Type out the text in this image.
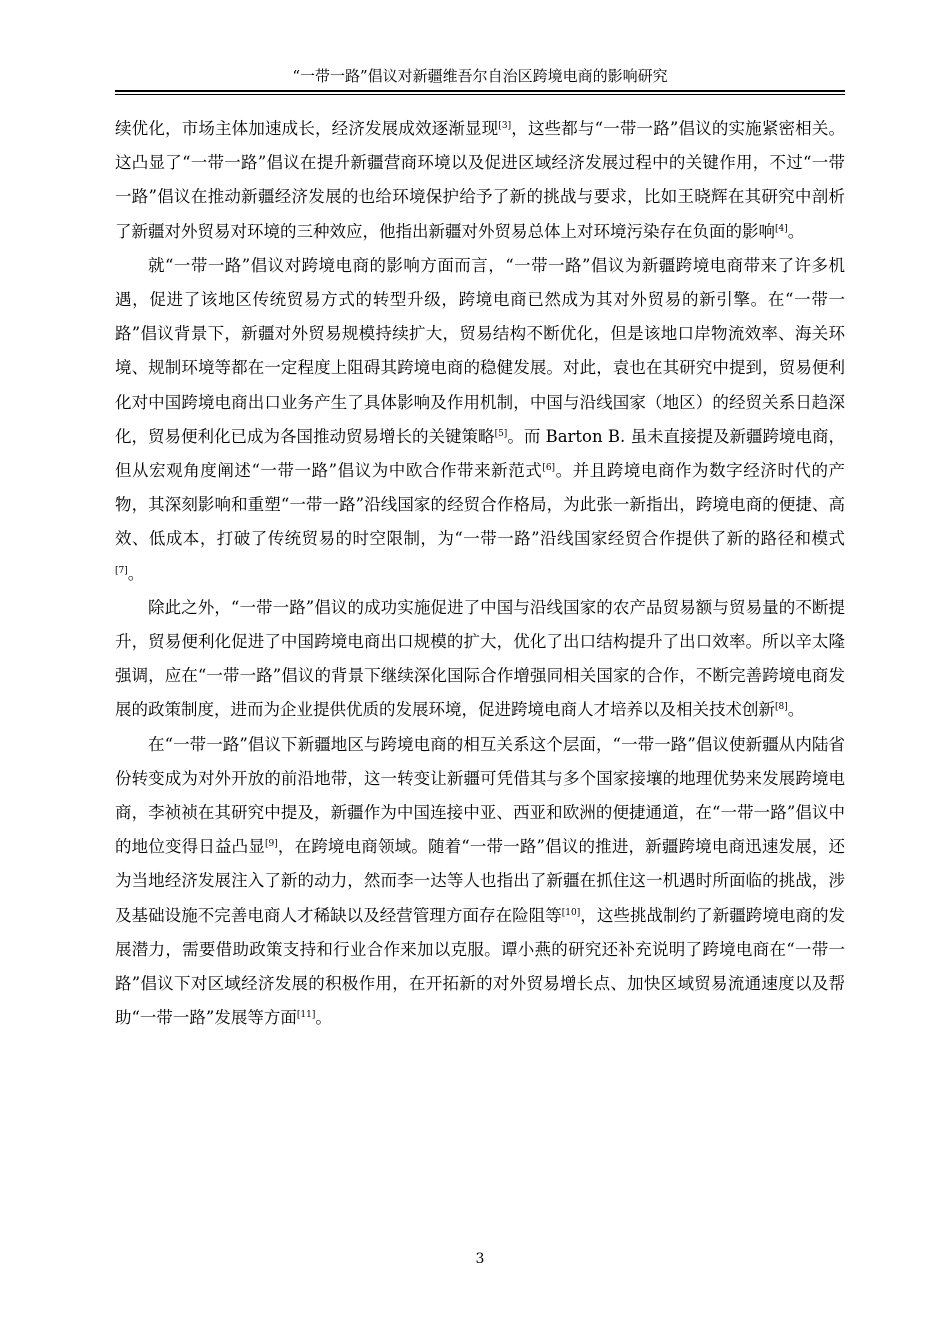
“一带一路”倡议对新疆维吾尔自治区跨境电商的影响研究

续优化，市场主体加速成长，经济发展成效逐渐显现[3]，这些都与“一带一路”倡议的实施紧密相关。这凸显了“一带一路”倡议在提升新疆营商环境以及促进区域经济发展过程中的关键作用，不过“一带一路”倡议在推动新疆经济发展的也给环境保护给予了新的挑战与要求，比如王晓辉在其研究中剖析了新疆对外贸易对环境的三种效应，他指出新疆对外贸易总体上对环境污染存在负面的影响[4]。

就“一带一路”倡议对跨境电商的影响方面而言，“一带一路”倡议为新疆跨境电商带来了许多机遇，促进了该地区传统贸易方式的转型升级，跨境电商已然成为其对外贸易的新引擎。在“一带一路”倡议背景下，新疆对外贸易规模持续扩大，贸易结构不断优化，但是该地口岸物流效率、海关环境、规制环境等都在一定程度上阻碍其跨境电商的稳健发展。对此，袁也在其研究中提到，贸易便利化对中国跨境电商出口业务产生了具体影响及作用机制，中国与沿线国家（地区）的经贸关系日趋深化，贸易便利化已成为各国推动贸易增长的关键策略[5]。而 Barton B. 虽未直接提及新疆跨境电商，但从宏观角度阐述“一带一路”倡议为中欧合作带来新范式[6]。并且跨境电商作为数字经济时代的产物，其深刻影响和重塑“一带一路”沿线国家的经贸合作格局，为此张一新指出，跨境电商的便捷、高效、低成本，打破了传统贸易的时空限制，为“一带一路”沿线国家经贸合作提供了新的路径和模式[7]。

除此之外，“一带一路”倡议的成功实施促进了中国与沿线国家的农产品贸易额与贸易量的不断提升，贸易便利化促进了中国跨境电商出口规模的扩大，优化了出口结构提升了出口效率。所以辛太隆强调，应在“一带一路”倡议的背景下继续深化国际合作增强同相关国家的合作，不断完善跨境电商发展的政策制度，进而为企业提供优质的发展环境，促进跨境电商人才培养以及相关技术创新[8]。

在“一带一路”倡议下新疆地区与跨境电商的相互关系这个层面，“一带一路”倡议使新疆从内陆省份转变成为对外开放的前沿地带，这一转变让新疆可凭借其与多个国家接壤的地理优势来发展跨境电商，李祯祯在其研究中提及，新疆作为中国连接中亚、西亚和欧洲的便捷通道，在“一带一路”倡议中的地位变得日益凸显[9]，在跨境电商领域。随着“一带一路”倡议的推进，新疆跨境电商迅速发展，还为当地经济发展注入了新的动力，然而李一达等人也指出了新疆在抓住这一机遇时所面临的挑战，涉及基础设施不完善电商人才稀缺以及经营管理方面存在险阻等[10]，这些挑战制约了新疆跨境电商的发展潜力，需要借助政策支持和行业合作来加以克服。谭小燕的研究还补充说明了跨境电商在“一带一路”倡议下对区域经济发展的积极作用，在开拓新的对外贸易增长点、加快区域贸易流通速度以及帮助“一带一路”发展等方面[11]。

3
